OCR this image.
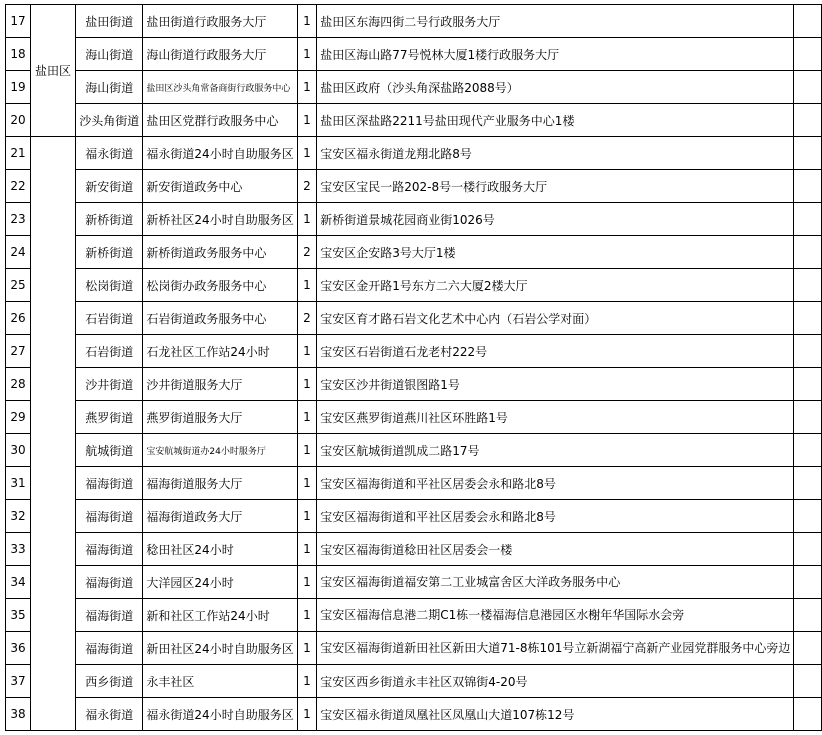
17	盐田区	盐田街道	盐田街道行政服务大厅	1	盐田区东海四街二号行政服务大厅	
18		海山街道	海山街道行政服务大厅	1	盐田区海山路77号悦林大厦1楼行政服务大厅	
19		海山街道	盐田区沙头角常备商街行政服务中心	1	盐田区政府（沙头角深盐路2088号）	
20		沙头角街道	盐田区党群行政服务中心	1	盐田区深盐路2211号盐田现代产业服务中心1楼	
21		福永街道	福永街道24小时自助服务区	1	宝安区福永街道龙翔北路8号	
22		新安街道	新安街道政务中心	2	宝安区宝民一路202-8号一楼行政服务大厅	
23		新桥街道	新桥社区24小时自助服务区	1	新桥街道景城花园商业街1026号	
24		新桥街道	新桥街道政务服务中心	2	宝安区企安路3号大厅1楼	
25		松岗街道	松岗街办政务服务中心	1	宝安区金开路1号东方二六大厦2楼大厅	
26		石岩街道	石岩街道政务服务中心	2	宝安区育才路石岩文化艺术中心内（石岩公学对面）	
27		石岩街道	石龙社区工作站24小时	1	宝安区石岩街道石龙老村222号	
28		沙井街道	沙井街道服务大厅	1	宝安区沙井街道银图路1号	
29		燕罗街道	燕罗街道服务大厅	1	宝安区燕罗街道燕川社区环胜路1号	
30		航城街道	宝安航城街道办24小时服务厅	1	宝安区航城街道凯成二路17号	
31		福海街道	福海街道服务大厅	1	宝安区福海街道和平社区居委会永和路北8号	
32		福海街道	福海街道政务大厅	1	宝安区福海街道和平社区居委会永和路北8号	
33		福海街道	稔田社区24小时	1	宝安区福海街道稔田社区居委会一楼	
34		福海街道	大洋园区24小时	1	宝安区福海街道福安第二工业城富舍区大洋政务服务中心	
35		福海街道	新和社区工作站24小时	1	宝安区福海信息港二期C1栋一楼福海信息港园区水榭年华国际水会旁	
36		福海街道	新田社区24小时自助服务区	1	宝安区福海街道新田社区新田大道71-8栋101号立新湖福宁高新产业园党群服务中心旁边	
37		西乡街道	永丰社区	1	宝安区西乡街道永丰社区双锦街4-20号	
38		福永街道	福永街道24小时自助服务区	1	宝安区福永街道凤凰社区凤凰山大道107栋12号	
